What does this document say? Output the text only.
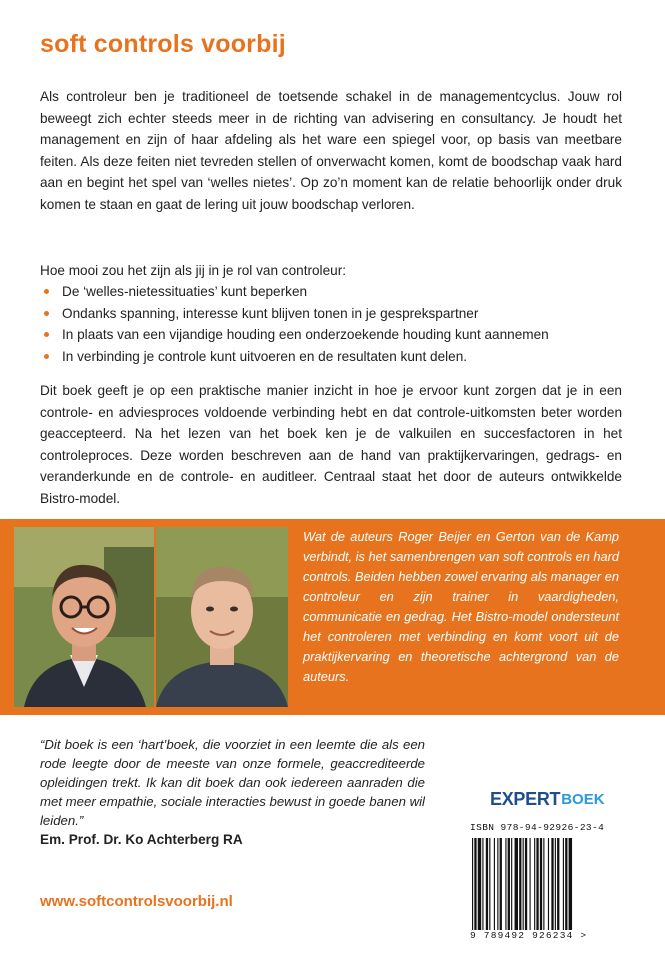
soft controls voorbij

Als controleur ben je traditioneel de toetsende schakel in de managementcyclus. Jouw rol beweegt zich echter steeds meer in de richting van advisering en consultancy. Je houdt het management en zijn of haar afdeling als het ware een spiegel voor, op basis van meetbare feiten. Als deze feiten niet tevreden stellen of onverwacht komen, komt de boodschap vaak hard aan en begint het spel van ‘welles nietes’. Op zo’n moment kan de relatie behoorlijk onder druk komen te staan en gaat de lering uit jouw boodschap verloren.

Hoe mooi zou het zijn als jij in je rol van controleur:

De ‘welles-nietessituaties’ kunt beperken
Ondanks spanning, interesse kunt blijven tonen in je gesprekspartner
In plaats van een vijandige houding een onderzoekende houding kunt aannemen
In verbinding je controle kunt uitvoeren en de resultaten kunt delen.

Dit boek geeft je op een praktische manier inzicht in hoe je ervoor kunt zorgen dat je in een controle- en adviesproces voldoende verbinding hebt en dat controle-uitkomsten beter worden geaccepteerd. Na het lezen van het boek ken je de valkuilen en succesfactoren in het controleproces. Deze worden beschreven aan de hand van praktijkervaringen, gedrags- en veranderkunde en de controle- en auditleer. Centraal staat het door de auteurs ontwikkelde Bistro-model.

Wat de auteurs Roger Beijer en Gerton van de Kamp verbindt, is het samenbrengen van soft controls en hard controls. Beiden hebben zowel ervaring als manager en controleur en zijn trainer in vaardigheden, communicatie en gedrag. Het Bistro-model ondersteunt het controleren met verbinding en komt voort uit de praktijkervaring en theoretische achtergrond van de auteurs.

“Dit boek is een ‘hart’boek, die voorziet in een leemte die als een rode leegte door de meeste van onze formele, geaccrediteerde opleidingen trekt. Ik kan dit boek dan ook iedereen aanraden die met meer empathie, sociale interacties bewust in goede banen wil leiden.”

Em. Prof. Dr. Ko Achterberg RA

www.softcontrolsvoorbij.nl

EXPERT BOEK

ISBN 978-94-92926-23-4

9 789492 926234 >
